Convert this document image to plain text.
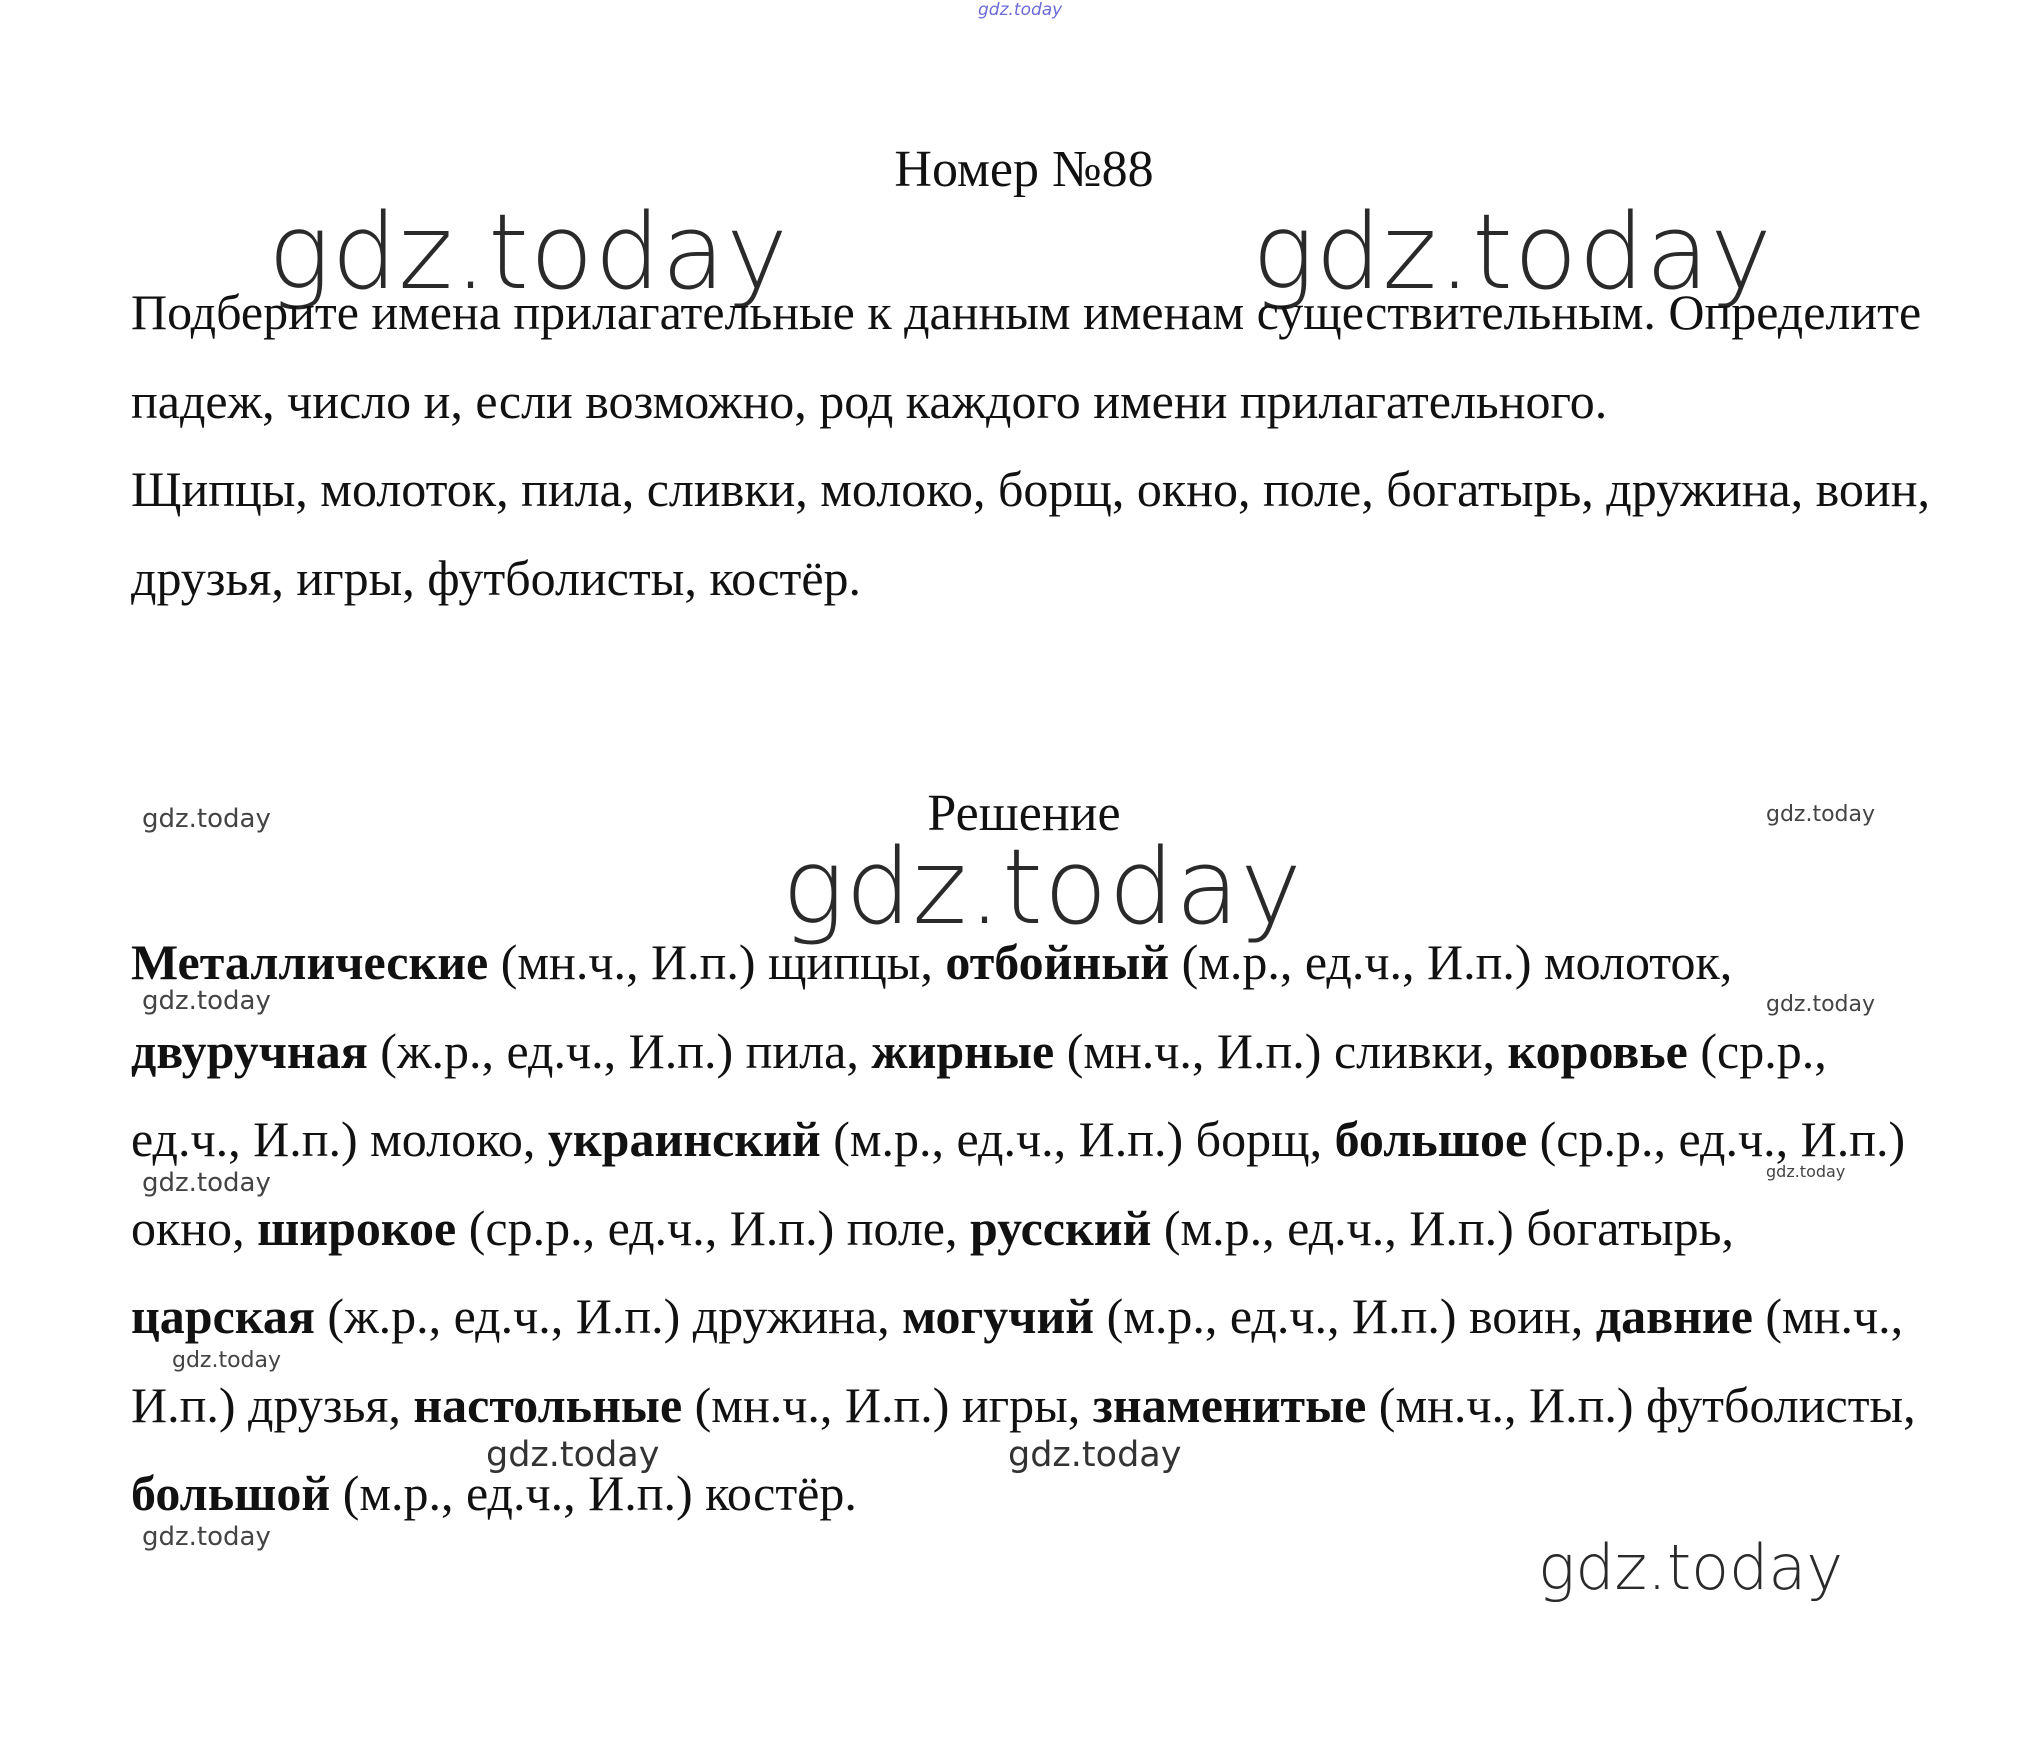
gdz.today
gdz.today	gdz.today
gdz.today
gdz.today
gdz.today	gdz.today
gdz.today	gdz.today
gdz.today	gdz.today
gdz.today
gdz.today	gdz.today
gdz.today
Номер №88

Подберите имена прилагательные к данным именам существительным. Определите падеж, число и, если возможно, род каждого имени прилагательного.

Щипцы, молоток, пила, сливки, молоко, борщ, окно, поле, богатырь, дружина, воин, друзья, игры, футболисты, костёр.

Решение
Металлические (мн.ч., И.п.) щипцы, отбойный (м.р., ед.ч., И.п.) молоток, двуручная (ж.р., ед.ч., И.п.) пила, жирные (мн.ч., И.п.) сливки, коровье (ср.р., ед.ч., И.п.) молоко, украинский (м.р., ед.ч., И.п.) борщ, большое (ср.р., ед.ч., И.п.) окно, широкое (ср.р., ед.ч., И.п.) поле, русский (м.р., ед.ч., И.п.) богатырь, царская (ж.р., ед.ч., И.п.) дружина, могучий (м.р., ед.ч., И.п.) воин, давние (мн.ч., И.п.) друзья, настольные (мн.ч., И.п.) игры, знаменитые (мн.ч., И.п.) футболисты, большой (м.р., ед.ч., И.п.) костёр.
